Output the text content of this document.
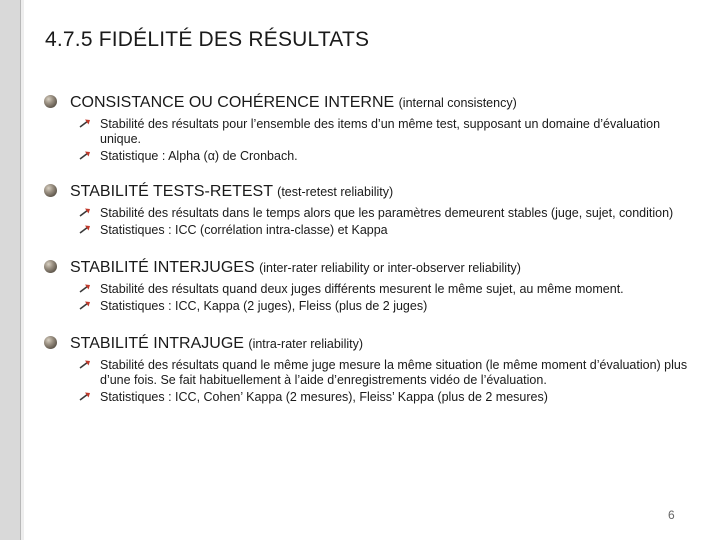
4.7.5 FIDÉLITÉ DES RÉSULTATS
CONSISTANCE OU COHÉRENCE INTERNE (internal consistency)
Stabilité des résultats pour l’ensemble des items d’un même test, supposant un domaine d’évaluation unique.
Statistique : Alpha (α) de Cronbach.
STABILITÉ TESTS-RETEST (test-retest reliability)
Stabilité des résultats dans le temps alors que les paramètres demeurent stables (juge, sujet, condition)
Statistiques : ICC (corrélation intra-classe) et Kappa
STABILITÉ INTERJUGES (inter-rater reliability or inter-observer reliability)
Stabilité des résultats quand deux juges différents mesurent le même sujet, au même moment.
Statistiques : ICC, Kappa (2 juges), Fleiss (plus de 2 juges)
STABILITÉ INTRAJUGE (intra-rater reliability)
Stabilité des résultats quand le même juge mesure la même situation (le même moment d’évaluation) plus d’une fois. Se fait habituellement à l’aide d’enregistrements vidéo de l’évaluation.
Statistiques : ICC, Cohen’ Kappa (2 mesures), Fleiss’ Kappa (plus de 2 mesures)
6
